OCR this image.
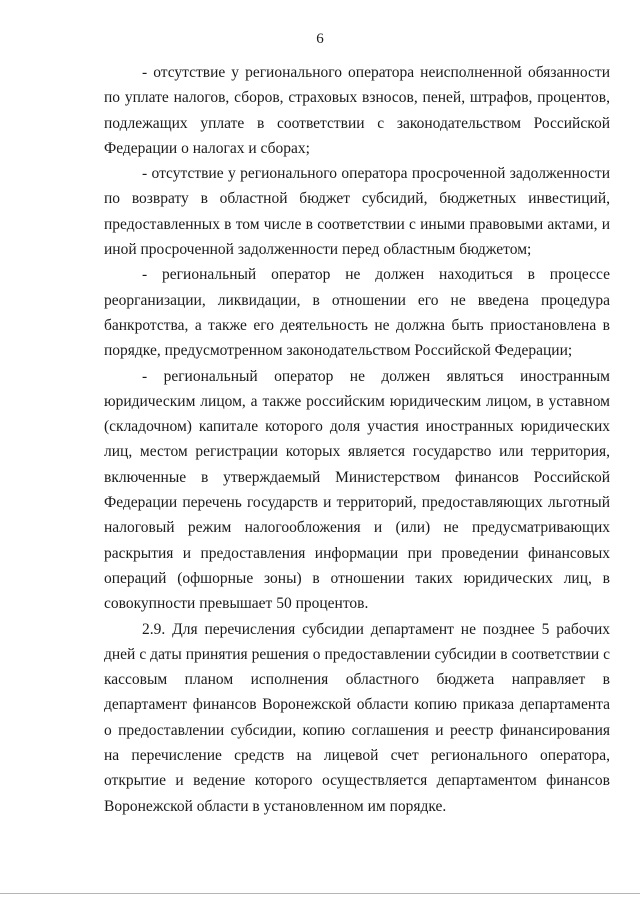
6

- отсутствие у регионального оператора неисполненной обязанности по уплате налогов, сборов, страховых взносов, пеней, штрафов, процентов, подлежащих уплате в соответствии с законодательством Российской Федерации о налогах и сборах;

- отсутствие у регионального оператора просроченной задолженности по возврату в областной бюджет субсидий, бюджетных инвестиций, предоставленных в том числе в соответствии с иными правовыми актами, и иной просроченной задолженности перед областным бюджетом;

- региональный оператор не должен находиться в процессе реорганизации, ликвидации, в отношении его не введена процедура банкротства, а также его деятельность не должна быть приостановлена в порядке, предусмотренном законодательством Российской Федерации;

- региональный оператор не должен являться иностранным юридическим лицом, а также российским юридическим лицом, в уставном (складочном) капитале которого доля участия иностранных юридических лиц, местом регистрации которых является государство или территория, включенные в утверждаемый Министерством финансов Российской Федерации перечень государств и территорий, предоставляющих льготный налоговый режим налогообложения и (или) не предусматривающих раскрытия и предоставления информации при проведении финансовых операций (офшорные зоны) в отношении таких юридических лиц, в совокупности превышает 50 процентов.

2.9. Для перечисления субсидии департамент не позднее 5 рабочих дней с даты принятия решения о предоставлении субсидии в соответствии с кассовым планом исполнения областного бюджета направляет в департамент финансов Воронежской области копию приказа департамента о предоставлении субсидии, копию соглашения и реестр финансирования на перечисление средств на лицевой счет регионального оператора, открытие и ведение которого осуществляется департаментом финансов Воронежской области в установленном им порядке.
